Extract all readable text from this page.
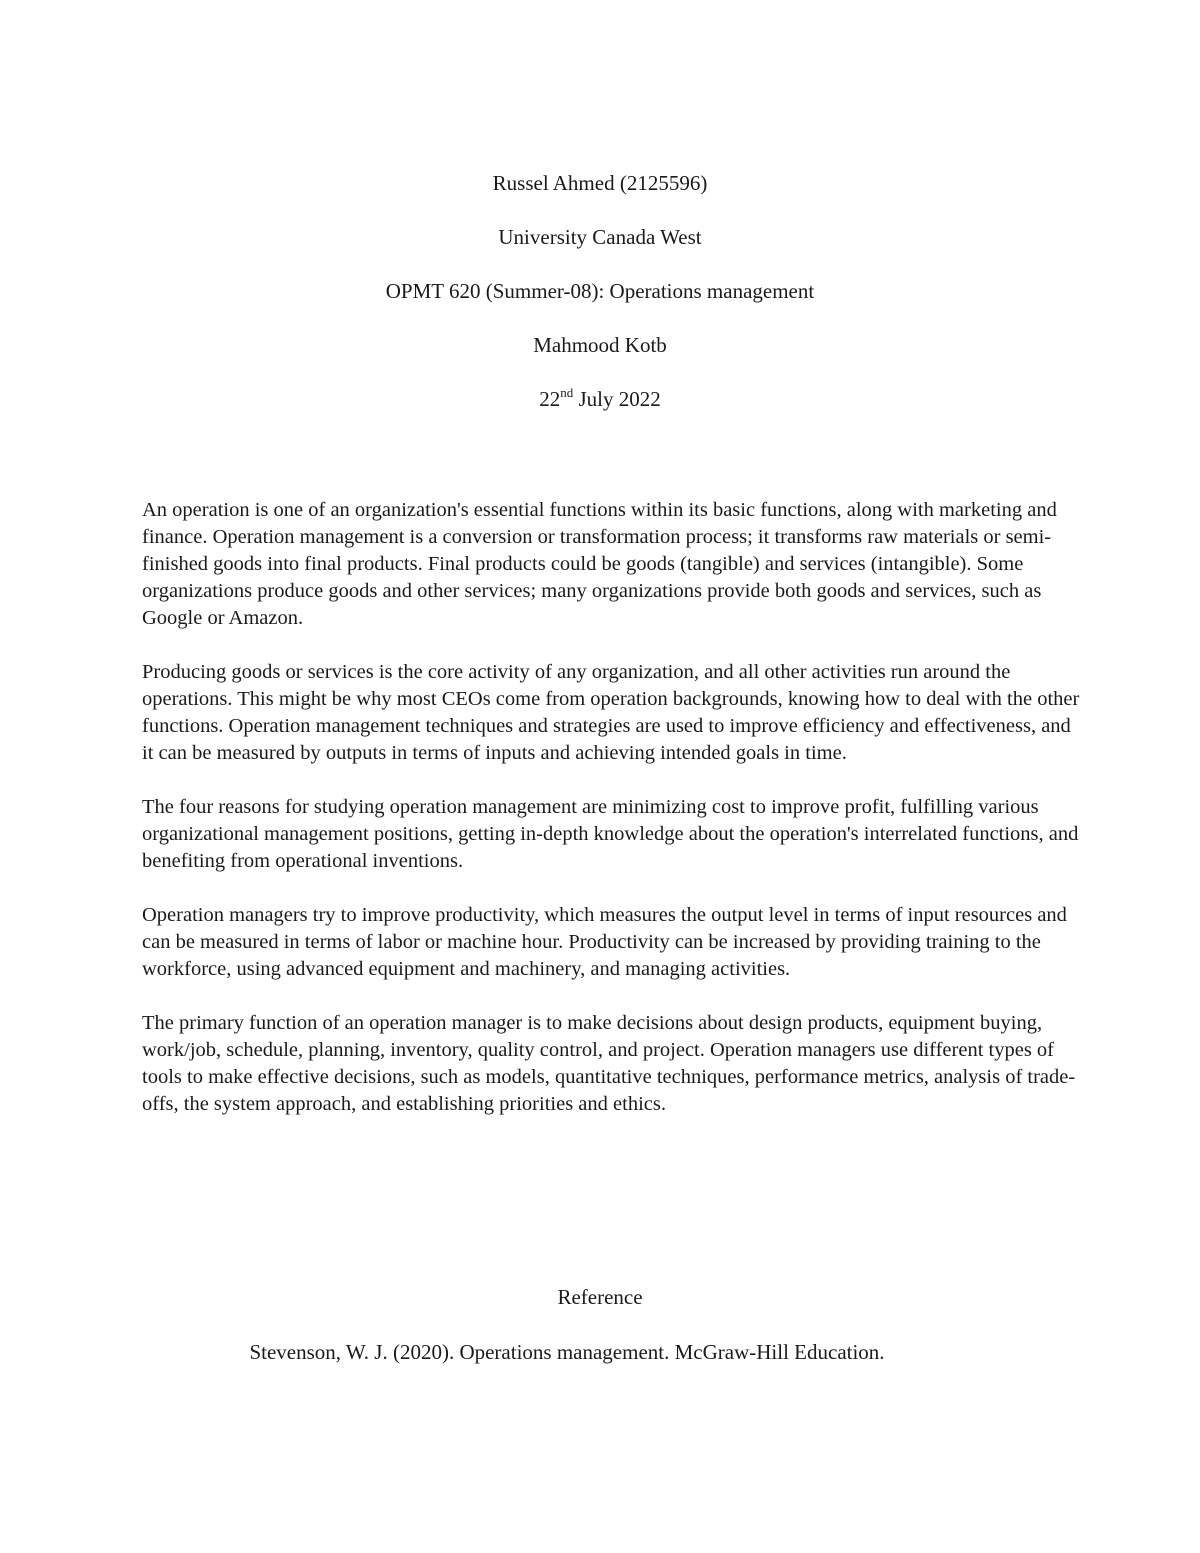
Russel Ahmed (2125596)

University Canada West

OPMT 620 (Summer-08): Operations management

Mahmood Kotb

22nd July 2022

An operation is one of an organization's essential functions within its basic functions, along with marketing and finance. Operation management is a conversion or transformation process; it transforms raw materials or semi-finished goods into final products. Final products could be goods (tangible) and services (intangible). Some organizations produce goods and other services; many organizations provide both goods and services, such as Google or Amazon.

Producing goods or services is the core activity of any organization, and all other activities run around the operations. This might be why most CEOs come from operation backgrounds, knowing how to deal with the other functions. Operation management techniques and strategies are used to improve efficiency and effectiveness, and it can be measured by outputs in terms of inputs and achieving intended goals in time.

The four reasons for studying operation management are minimizing cost to improve profit, fulfilling various organizational management positions, getting in-depth knowledge about the operation's interrelated functions, and benefiting from operational inventions.

Operation managers try to improve productivity, which measures the output level in terms of input resources and can be measured in terms of labor or machine hour. Productivity can be increased by providing training to the workforce, using advanced equipment and machinery, and managing activities.

The primary function of an operation manager is to make decisions about design products, equipment buying, work/job, schedule, planning, inventory, quality control, and project. Operation managers use different types of tools to make effective decisions, such as models, quantitative techniques, performance metrics, analysis of trade-offs, the system approach, and establishing priorities and ethics.

Reference
Stevenson, W. J. (2020). Operations management. McGraw-Hill Education.
